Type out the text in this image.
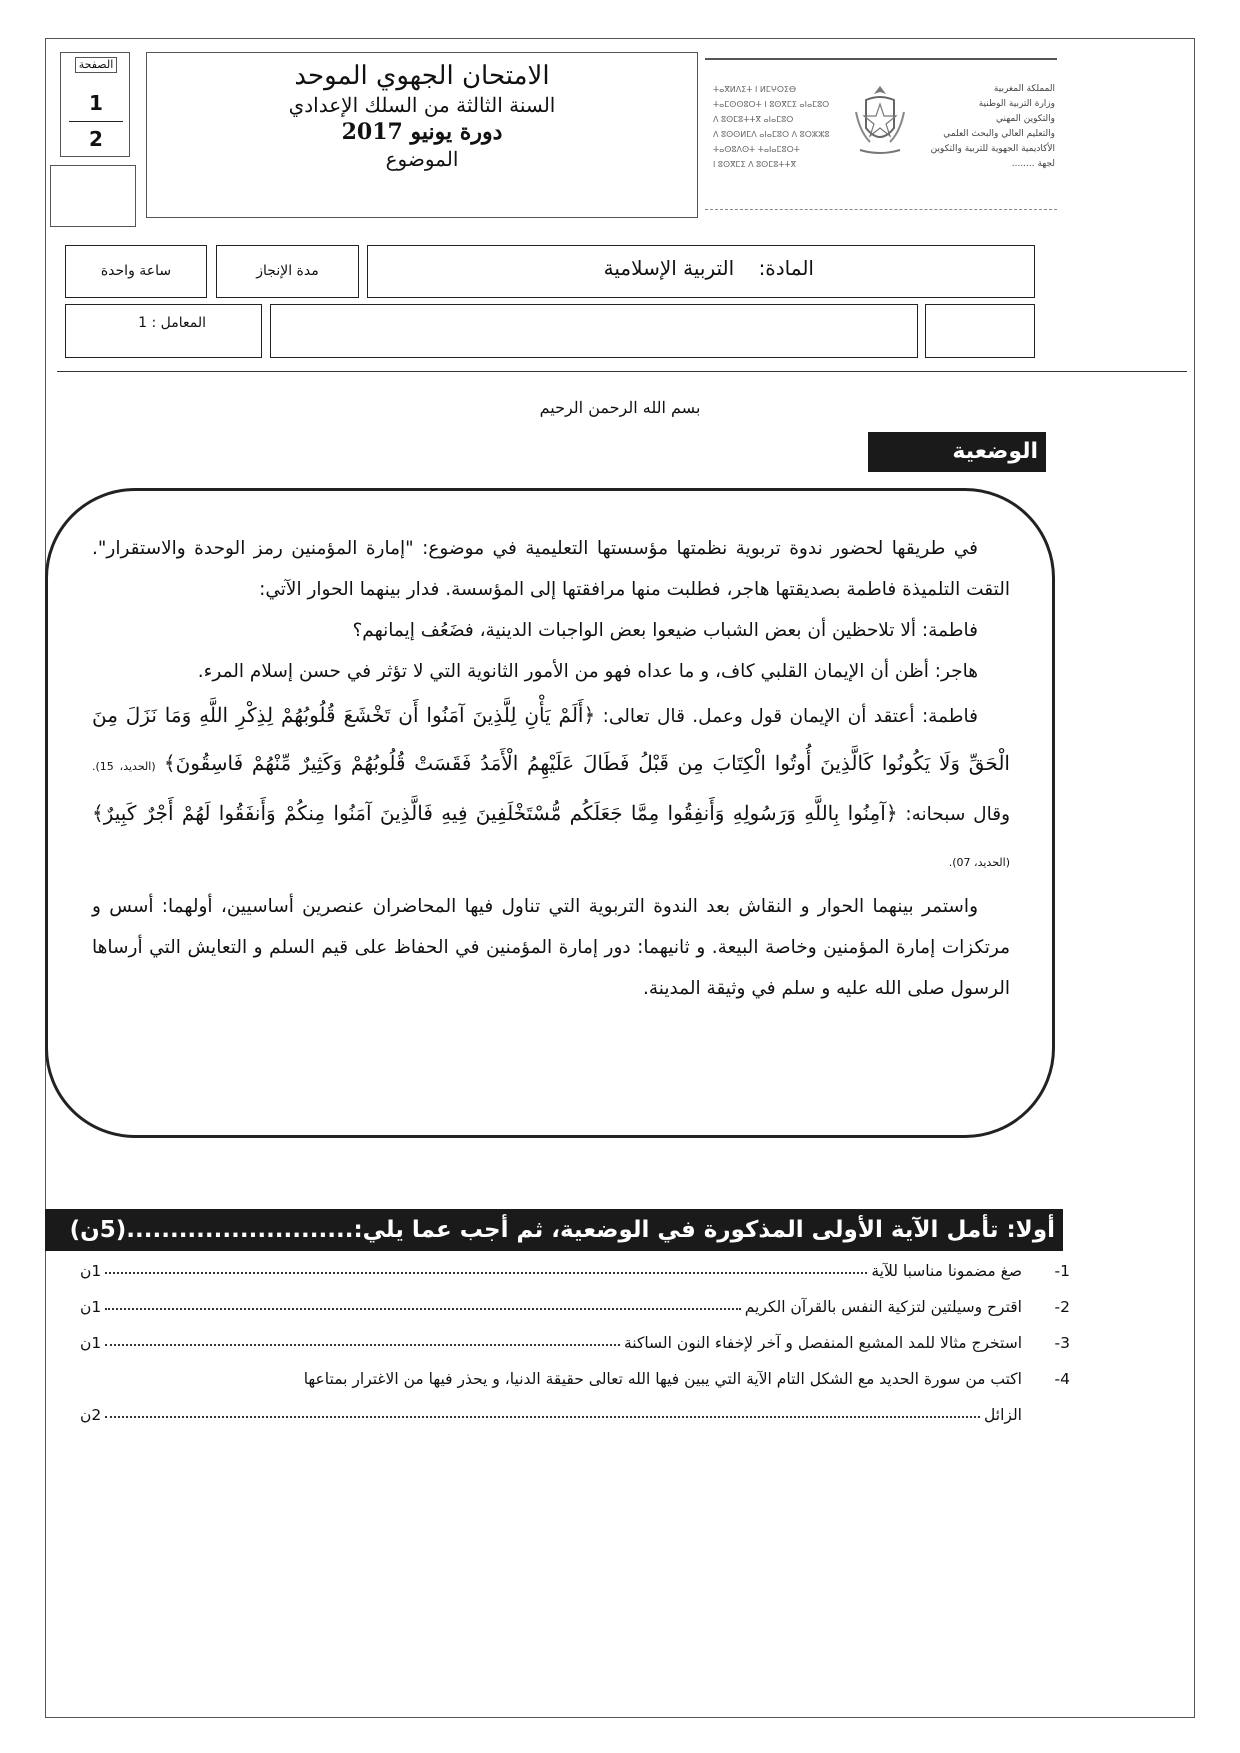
الصفحة
1
2
الامتحان الجهوي الموحد
السنة الثالثة من السلك الإعدادي
دورة يونيو 2017
الموضوع
المملكة المغربية
وزارة التربية الوطنية
والتكوين المهني
والتعليم العالي والبحث العلمي
الأكاديمية الجهوية للتربية والتكوين
لجهة ........
ⵜⴰⴳⵍⴷⵉⵜ ⵏ ⵍⵎⵖⵔⵉⴱ
ⵜⴰⵎⵙⵙⵓⵔⵜ ⵏ ⵓⵙⴳⵎⵉ ⴰⵏⴰⵎⵓⵔ
ⴷ ⵓⵙⵎⵓⵜⵜⴳ ⴰⵏⴰⵎⵓⵔ
ⴷ ⵓⵙⵙⵍⵎⴷ ⴰⵏⴰⵎⵓⵔ ⴷ ⵓⵔⵣⵣⵓ
ⵜⴰⵙⵓⴷⵙⵜ ⵜⴰⵏⴰⵎⵓⵔⵜ
ⵏ ⵓⵙⴳⵎⵉ ⴷ ⵓⵙⵎⵓⵜⵜⴳ
ساعة واحدة	مدة الإنجاز	المادة: التربية الإسلامية
المعامل : 1
بسم الله الرحمن الرحيم
الوضعية التقويمية:

في طريقها لحضور ندوة تربوية نظمتها مؤسستها التعليمية في موضوع: "إمارة المؤمنين رمز الوحدة والاستقرار". التقت التلميذة فاطمة بصديقتها هاجر، فطلبت منها مرافقتها إلى المؤسسة. فدار بينهما الحوار الآتي:

فاطمة: ألا تلاحظين أن بعض الشباب ضيعوا بعض الواجبات الدينية، فضَعُف إيمانهم؟

هاجر: أظن أن الإيمان القلبي كاف، و ما عداه فهو من الأمور الثانوية التي لا تؤثر في حسن إسلام المرء.

فاطمة: أعتقد أن الإيمان قول وعمل. قال تعالى: ﴿أَلَمْ يَأْنِ لِلَّذِينَ آمَنُوا أَن تَخْشَعَ قُلُوبُهُمْ لِذِكْرِ اللَّهِ وَمَا نَزَلَ مِنَ الْحَقِّ وَلَا يَكُونُوا كَالَّذِينَ أُوتُوا الْكِتَابَ مِن قَبْلُ فَطَالَ عَلَيْهِمُ الْأَمَدُ فَقَسَتْ قُلُوبُهُمْ وَكَثِيرٌ مِّنْهُمْ فَاسِقُونَ﴾ (الحديد، 15). وقال سبحانه: ﴿آمِنُوا بِاللَّهِ وَرَسُولِهِ وَأَنفِقُوا مِمَّا جَعَلَكُم مُّسْتَخْلَفِينَ فِيهِ فَالَّذِينَ آمَنُوا مِنكُمْ وَأَنفَقُوا لَهُمْ أَجْرٌ كَبِيرٌ﴾ (الحديد، 07).

واستمر بينهما الحوار و النقاش بعد الندوة التربوية التي تناول فيها المحاضران عنصرين أساسيين، أولهما: أسس و مرتكزات إمارة المؤمنين وخاصة البيعة. و ثانيهما: دور إمارة المؤمنين في الحفاظ على قيم السلم و التعايش التي أرساها الرسول صلى الله عليه و سلم في وثيقة المدينة.

أولا: تأمل الآية الأولى المذكورة في الوضعية، ثم أجب عما يلي:..........................(5ن)
1-
صغ مضمونا مناسبا للآية
1ن
2-
اقترح وسيلتين لتزكية النفس بالقرآن الكريم
1ن
3-
استخرج مثالا للمد المشبع المنفصل و آخر لإخفاء النون الساكنة
1ن
4-
اكتب من سورة الحديد مع الشكل التام الآية التي يبين فيها الله تعالى حقيقة الدنيا، و يحذر فيها من الاغترار بمتاعها
الزائل
2ن
